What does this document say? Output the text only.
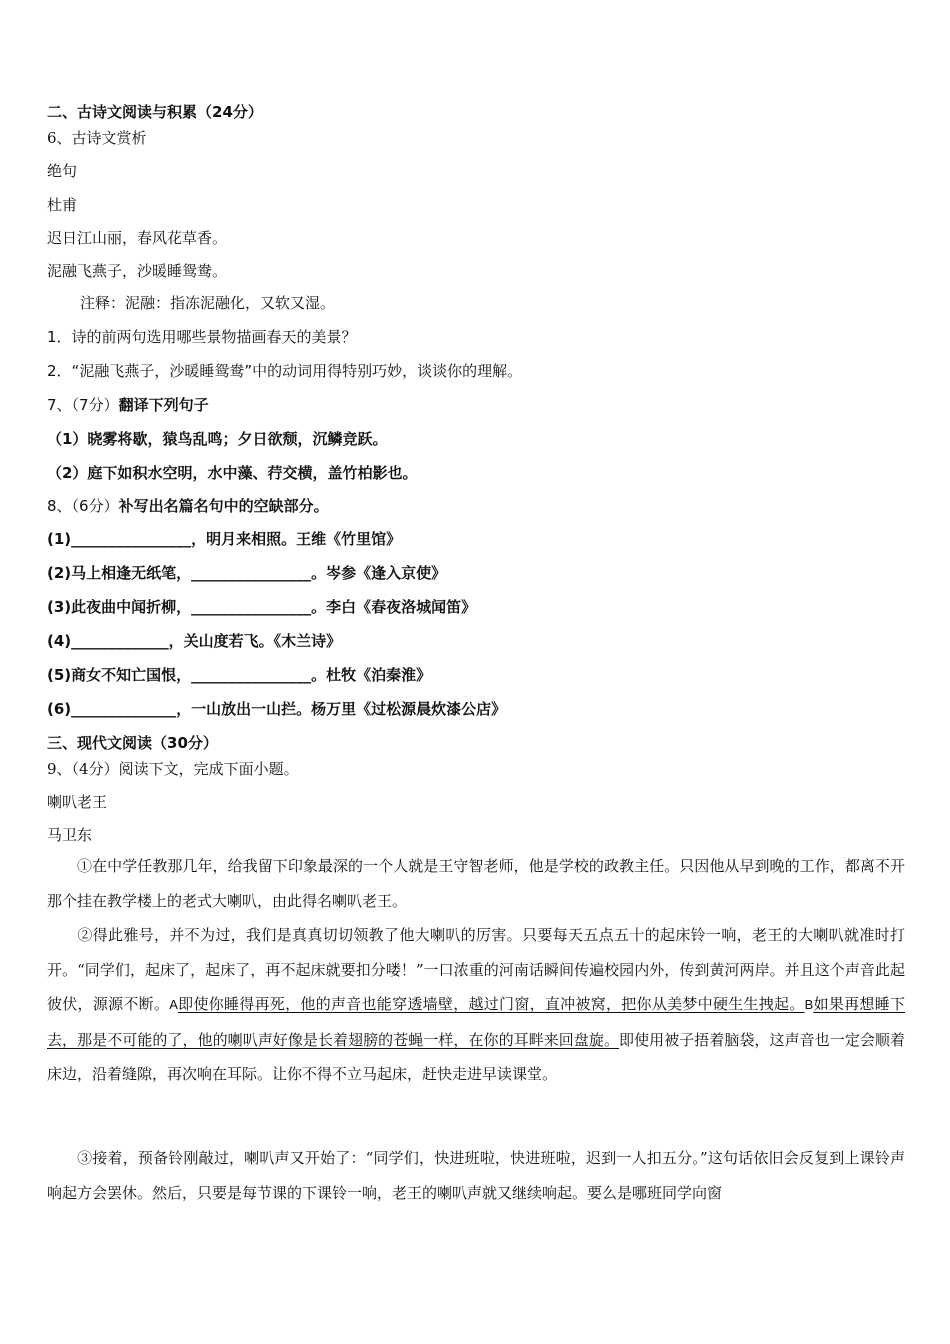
二、古诗文阅读与积累（24分）
6、古诗文赏析
绝句
杜甫
迟日江山丽，春风花草香。
泥融飞燕子，沙暖睡鸳鸯。
注释：泥融：指冻泥融化，又软又湿。
1．诗的前两句选用哪些景物描画春天的美景？
2．“泥融飞燕子，沙暖睡鸳鸯”中的动词用得特别巧妙，谈谈你的理解。
7、（7分）翻译下列句子
（1）晓雾将歇，猿鸟乱鸣；夕日欲颓，沉鳞竞跃。
（2）庭下如积水空明，水中藻、荇交横，盖竹柏影也。
8、（6分）补写出名篇名句中的空缺部分。
(1)________________，明月来相照。王维《竹里馆》
(2)马上相逢无纸笔，________________。岑参《逢入京使》
(3)此夜曲中闻折柳，________________。李白《春夜洛城闻笛》
(4)_____________，关山度若飞。《木兰诗》
(5)商女不知亡国恨，________________。杜牧《泊秦淮》
(6)______________，一山放出一山拦。杨万里《过松源晨炊漆公店》
三、现代文阅读（30分）
9、（4分）阅读下文，完成下面小题。
喇叭老王
马卫东
①在中学任教那几年，给我留下印象最深的一个人就是王守智老师，他是学校的政教主任。只因他从早到晚的工作，都离不开那个挂在教学楼上的老式大喇叭，由此得名喇叭老王。
②得此雅号，并不为过，我们是真真切切领教了他大喇叭的厉害。只要每天五点五十的起床铃一响，老王的大喇叭就准时打开。“同学们，起床了，起床了，再不起床就要扣分喽！”一口浓重的河南话瞬间传遍校园内外，传到黄河两岸。并且这个声音此起彼伏，源源不断。A即使你睡得再死，他的声音也能穿透墙壁，越过门窗，直冲被窝，把你从美梦中硬生生拽起。B如果再想睡下去，那是不可能的了，他的喇叭声好像是长着翅膀的苍蝇一样，在你的耳畔来回盘旋。即使用被子捂着脑袋，这声音也一定会顺着床边，沿着缝隙，再次响在耳际。让你不得不立马起床，赶快走进早读课堂。
③接着，预备铃刚敲过，喇叭声又开始了：“同学们，快进班啦，快进班啦，迟到一人扣五分。”这句话依旧会反复到上课铃声响起方会罢休。然后，只要是每节课的下课铃一响，老王的喇叭声就又继续响起。要么是哪班同学向窗
